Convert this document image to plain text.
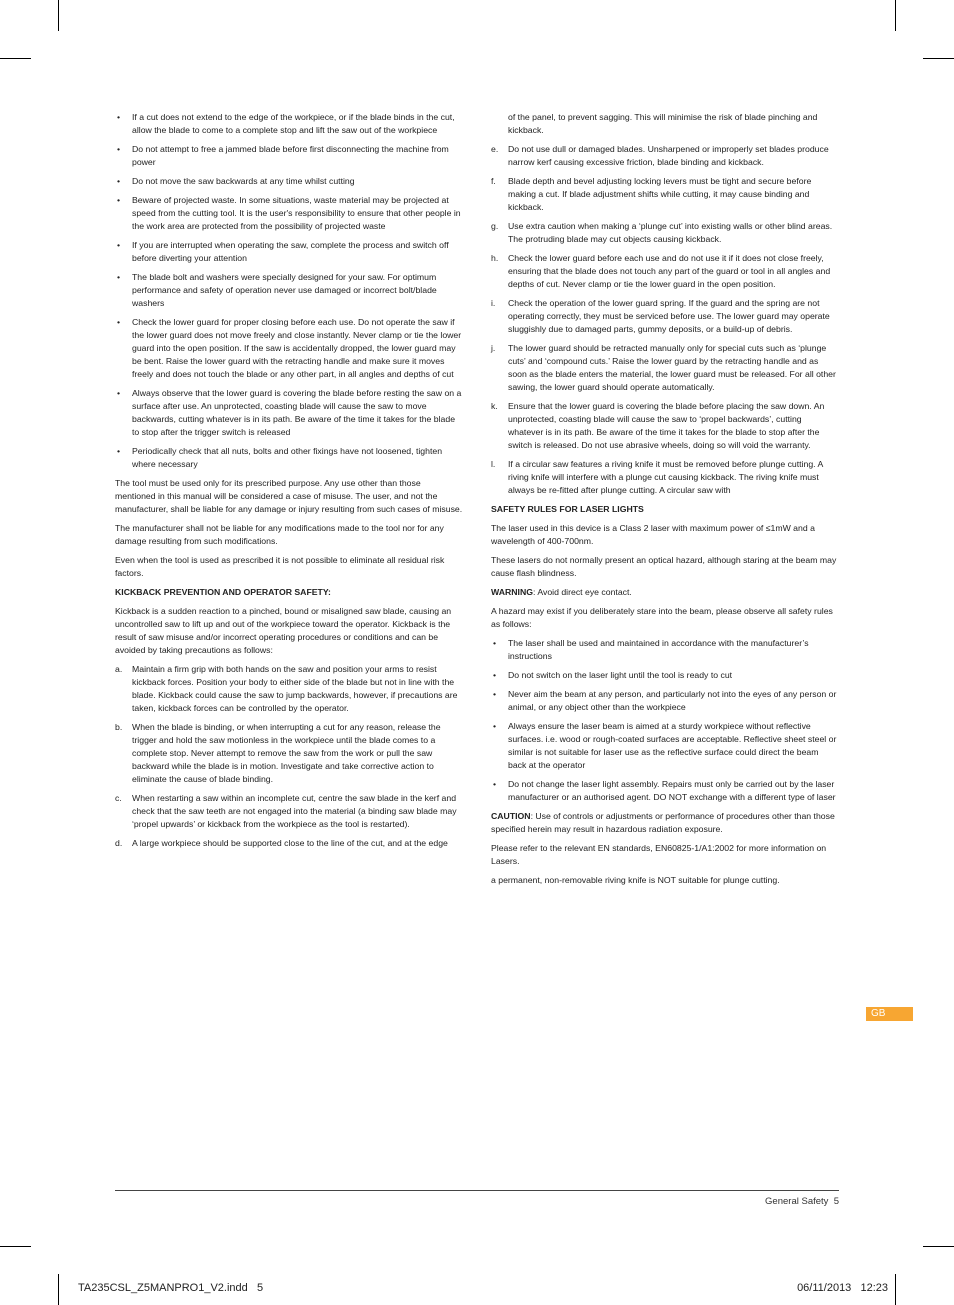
• If a cut does not extend to the edge of the workpiece, or if the blade binds in the cut, allow the blade to come to a complete stop and lift the saw out of the workpiece
• Do not attempt to free a jammed blade before first disconnecting the machine from power
• Do not move the saw backwards at any time whilst cutting
• Beware of projected waste. In some situations, waste material may be projected at speed from the cutting tool. It is the user's responsibility to ensure that other people in the work area are protected from the possibility of projected waste
• If you are interrupted when operating the saw, complete the process and switch off before diverting your attention
• The blade bolt and washers were specially designed for your saw. For optimum performance and safety of operation never use damaged or incorrect bolt/blade washers
• Check the lower guard for proper closing before each use. Do not operate the saw if the lower guard does not move freely and close instantly. Never clamp or tie the lower guard into the open position. If the saw is accidentally dropped, the lower guard may be bent. Raise the lower guard with the retracting handle and make sure it moves freely and does not touch the blade or any other part, in all angles and depths of cut
• Always observe that the lower guard is covering the blade before resting the saw on a surface after use. An unprotected, coasting blade will cause the saw to move backwards, cutting whatever is in its path. Be aware of the time it takes for the blade to stop after the trigger switch is released
• Periodically check that all nuts, bolts and other fixings have not loosened, tighten where necessary
The tool must be used only for its prescribed purpose. Any use other than those mentioned in this manual will be considered a case of misuse. The user, and not the manufacturer, shall be liable for any damage or injury resulting from such cases of misuse.
The manufacturer shall not be liable for any modifications made to the tool nor for any damage resulting from such modifications.
Even when the tool is used as prescribed it is not possible to eliminate all residual risk factors.
KICKBACK PREVENTION AND OPERATOR SAFETY:
Kickback is a sudden reaction to a pinched, bound or misaligned saw blade, causing an uncontrolled saw to lift up and out of the workpiece toward the operator. Kickback is the result of saw misuse and/or incorrect operating procedures or conditions and can be avoided by taking precautions as follows:
a. Maintain a firm grip with both hands on the saw and position your arms to resist kickback forces. Position your body to either side of the blade but not in line with the blade. Kickback could cause the saw to jump backwards, however, if precautions are taken, kickback forces can be controlled by the operator.
b. When the blade is binding, or when interrupting a cut for any reason, release the trigger and hold the saw motionless in the workpiece until the blade comes to a complete stop. Never attempt to remove the saw from the work or pull the saw backward while the blade is in motion. Investigate and take corrective action to eliminate the cause of blade binding.
c. When restarting a saw within an incomplete cut, centre the saw blade in the kerf and check that the saw teeth are not engaged into the material (a binding saw blade may ‘propel upwards’ or kickback from the workpiece as the tool is restarted).
d. A large workpiece should be supported close to the line of the cut, and at the edge
of the panel, to prevent sagging. This will minimise the risk of blade pinching and kickback.
e. Do not use dull or damaged blades. Unsharpened or improperly set blades produce narrow kerf causing excessive friction, blade binding and kickback.
f. Blade depth and bevel adjusting locking levers must be tight and secure before making a cut. If blade adjustment shifts while cutting, it may cause binding and kickback.
g. Use extra caution when making a ‘plunge cut’ into existing walls or other blind areas. The protruding blade may cut objects causing kickback.
h. Check the lower guard before each use and do not use it if it does not close freely, ensuring that the blade does not touch any part of the guard or tool in all angles and depths of cut. Never clamp or tie the lower guard in the open position.
i. Check the operation of the lower guard spring. If the guard and the spring are not operating correctly, they must be serviced before use. The lower guard may operate sluggishly due to damaged parts, gummy deposits, or a build-up of debris.
j. The lower guard should be retracted manually only for special cuts such as ‘plunge cuts’ and ‘compound cuts.’ Raise the lower guard by the retracting handle and as soon as the blade enters the material, the lower guard must be released. For all other sawing, the lower guard should operate automatically.
k. Ensure that the lower guard is covering the blade before placing the saw down. An unprotected, coasting blade will cause the saw to ‘propel backwards’, cutting whatever is in its path. Be aware of the time it takes for the blade to stop after the switch is released. Do not use abrasive wheels, doing so will void the warranty.
l. If a circular saw features a riving knife it must be removed before plunge cutting. A riving knife will interfere with a plunge cut causing kickback. The riving knife must always be re-fitted after plunge cutting. A circular saw with
SAFETY RULES FOR LASER LIGHTS
The laser used in this device is a Class 2 laser with maximum power of ≤1mW and a wavelength of 400-700nm.
These lasers do not normally present an optical hazard, although staring at the beam may cause flash blindness.
WARNING: Avoid direct eye contact.
A hazard may exist if you deliberately stare into the beam, please observe all safety rules as follows:
• The laser shall be used and maintained in accordance with the manufacturer’s instructions
• Do not switch on the laser light until the tool is ready to cut
• Never aim the beam at any person, and particularly not into the eyes of any person or animal, or any object other than the workpiece
• Always ensure the laser beam is aimed at a sturdy workpiece without reflective surfaces. i.e. wood or rough-coated surfaces are acceptable. Reflective sheet steel or similar is not suitable for laser use as the reflective surface could direct the beam back at the operator
• Do not change the laser light assembly. Repairs must only be carried out by the laser manufacturer or an authorised agent. DO NOT exchange with a different type of laser
CAUTION: Use of controls or adjustments or performance of procedures other than those specified herein may result in hazardous radiation exposure.
Please refer to the relevant EN standards, EN60825-1/A1:2002 for more information on Lasers.
a permanent, non-removable riving knife is NOT suitable for plunge cutting.
GB
General Safety 5
TA235CSL_Z5MANPRO1_V2.indd   5	06/11/2013   12:23
